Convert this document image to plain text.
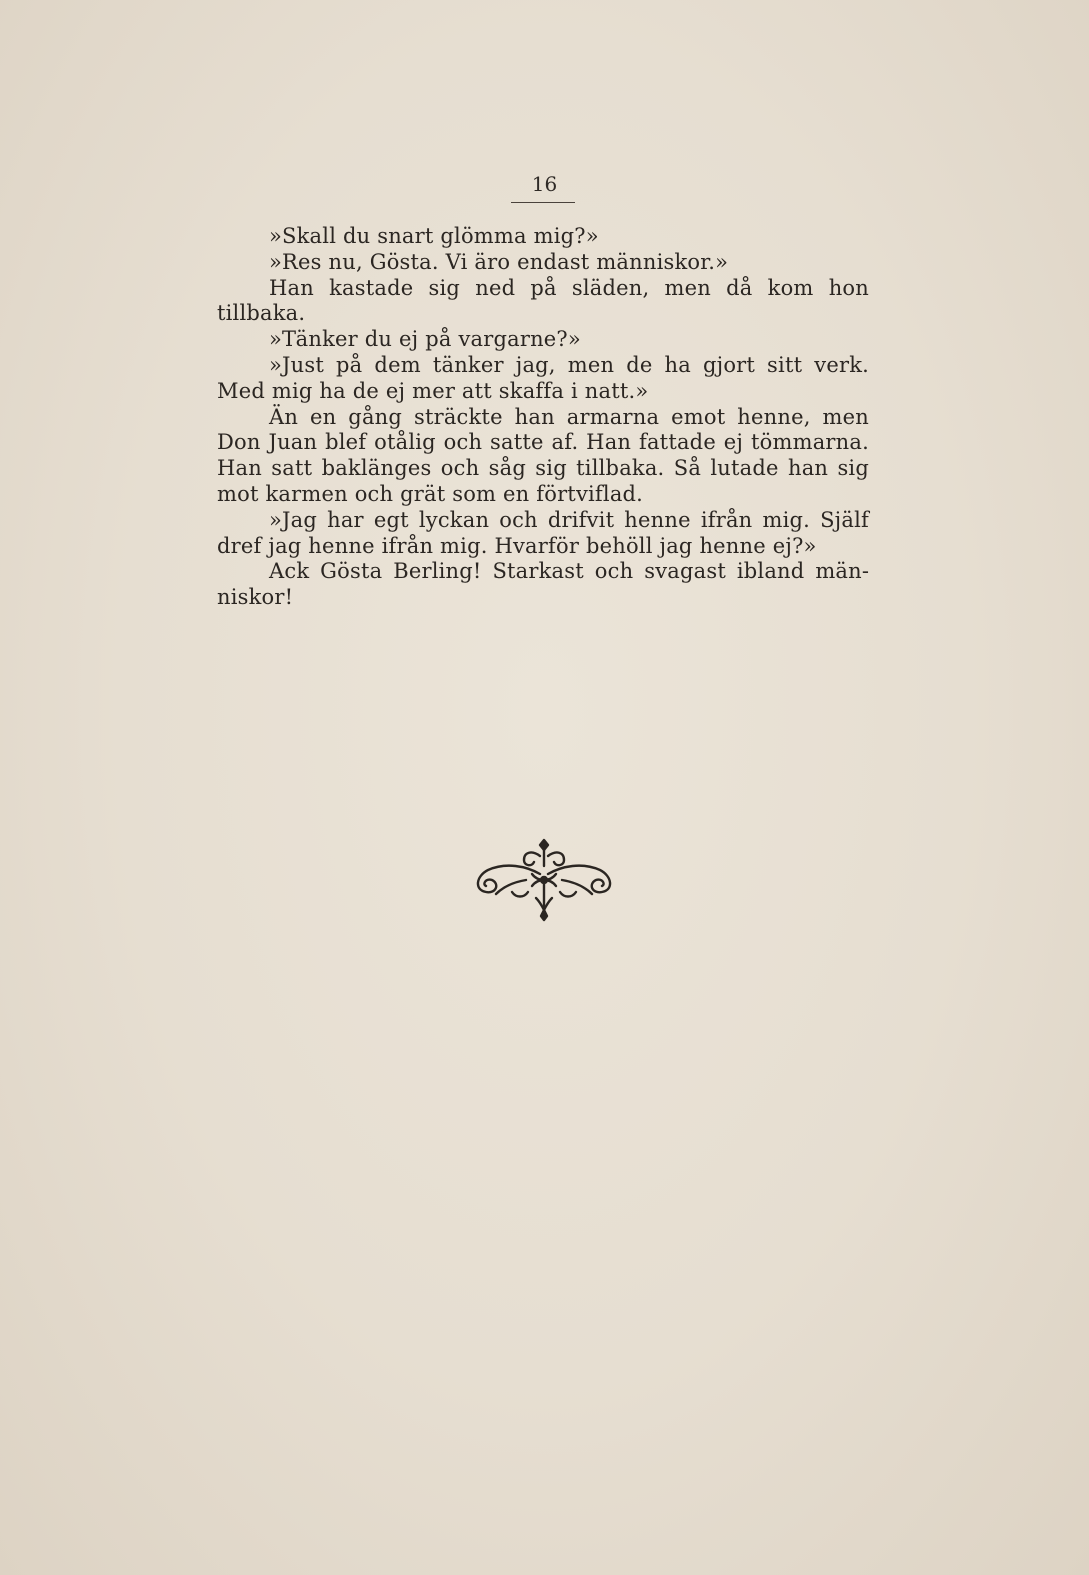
16

»Skall du snart glömma mig?»

»Res nu, Gösta. Vi äro endast människor.»

Han kastade sig ned på släden, men då kom hon tillbaka.

»Tänker du ej på vargarne?»

»Just på dem tänker jag, men de ha gjort sitt verk. Med mig ha de ej mer att skaffa i natt.»

Än en gång sträckte han armarna emot henne, men Don Juan blef otålig och satte af. Han fattade ej tömmarna. Han satt baklänges och såg sig tillbaka. Så lutade han sig mot karmen och grät som en förtviflad.

»Jag har egt lyckan och drifvit henne ifrån mig. Själf dref jag henne ifrån mig. Hvarför behöll jag henne ej?»

Ack Gösta Berling! Starkast och svagast ibland människor!
